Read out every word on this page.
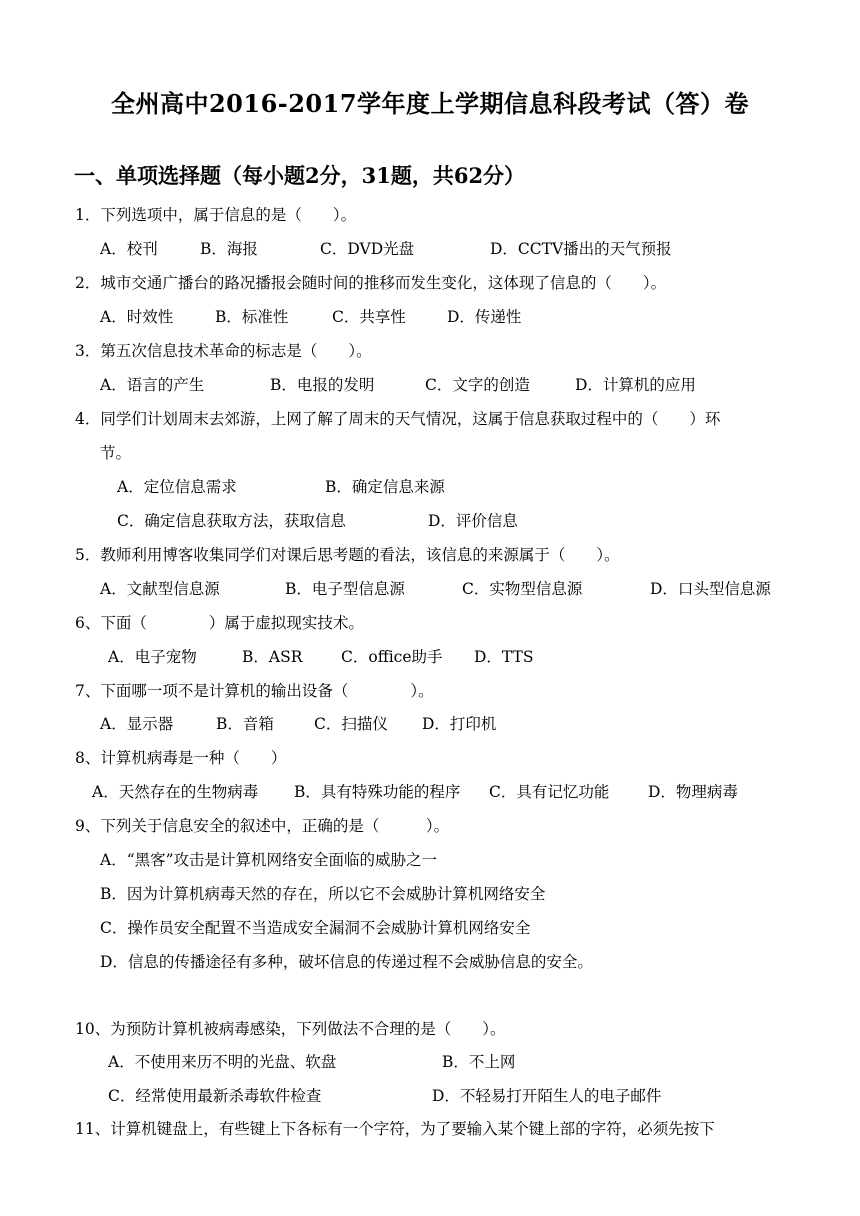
全州高中2016-2017学年度上学期信息科段考试（答）卷
一、单项选择题（每小题2分，31题，共62分）
1．下列选项中，属于信息的是（　　）。
A．校刊	B．海报	C．DVD光盘	D．CCTV播出的天气预报
2．城市交通广播台的路况播报会随时间的推移而发生变化，这体现了信息的（　　）。
A．时效性	B．标准性	C．共享性	D．传递性
3．第五次信息技术革命的标志是（　　）。
A．语言的产生	B．电报的发明	C．文字的创造	D．计算机的应用
4．同学们计划周末去郊游，上网了解了周末的天气情况，这属于信息获取过程中的（　　）环
节。
A．定位信息需求	B．确定信息来源
C．确定信息获取方法，获取信息	D．评价信息
5．教师利用博客收集同学们对课后思考题的看法，该信息的来源属于（　　）。
A．文献型信息源	B．电子型信息源	C．实物型信息源	D．口头型信息源
6、下面（　　　　）属于虚拟现实技术。
A．电子宠物	B．ASR C．office助手 D．TTS
7、下面哪一项不是计算机的输出设备（　　　　）。
A．显示器	B．音箱	C．扫描仪 D．打印机
8、计算机病毒是一种（　　）
A．天然存在的生物病毒 B．具有特殊功能的程序 C．具有记忆功能 D．物理病毒
9、下列关于信息安全的叙述中，正确的是（　　　）。
A．“黑客”攻击是计算机网络安全面临的威胁之一
B．因为计算机病毒天然的存在，所以它不会威胁计算机网络安全
C．操作员安全配置不当造成安全漏洞不会威胁计算机网络安全
D．信息的传播途径有多种，破坏信息的传递过程不会威胁信息的安全。
10、为预防计算机被病毒感染，下列做法不合理的是（　　）。
A．不使用来历不明的光盘、软盘	B．不上网
C．经常使用最新杀毒软件检查	D．不轻易打开陌生人的电子邮件
11、计算机键盘上，有些键上下各标有一个字符，为了要输入某个键上部的字符，必须先按下
